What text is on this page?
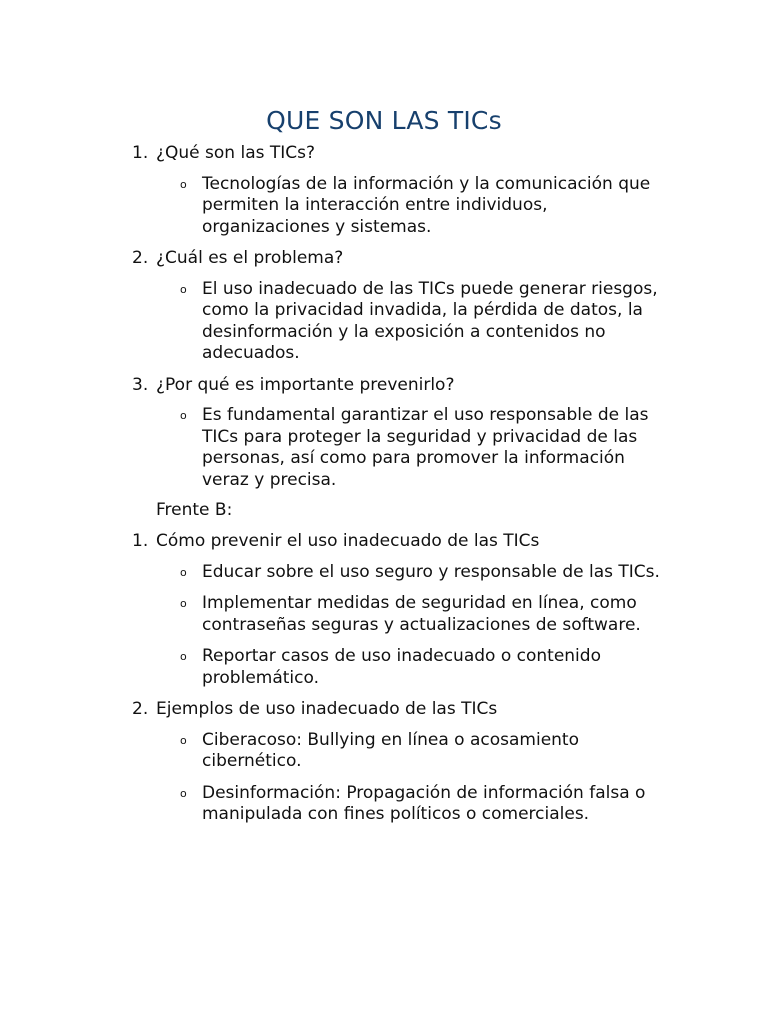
QUE SON LAS TICs
1. ¿Qué son las TICs?
o Tecnologías de la información y la comunicación que permiten la interacción entre individuos, organizaciones y sistemas.
2. ¿Cuál es el problema?
o El uso inadecuado de las TICs puede generar riesgos, como la privacidad invadida, la pérdida de datos, la desinformación y la exposición a contenidos no adecuados.
3. ¿Por qué es importante prevenirlo?
o Es fundamental garantizar el uso responsable de las TICs para proteger la seguridad y privacidad de las personas, así como para promover la información veraz y precisa.
Frente B:
1. Cómo prevenir el uso inadecuado de las TICs
o Educar sobre el uso seguro y responsable de las TICs.
o Implementar medidas de seguridad en línea, como contraseñas seguras y actualizaciones de software.
o Reportar casos de uso inadecuado o contenido problemático.
2. Ejemplos de uso inadecuado de las TICs
o Ciberacoso: Bullying en línea o acosamiento cibernético.
o Desinformación: Propagación de información falsa o manipulada con fines políticos o comerciales.
